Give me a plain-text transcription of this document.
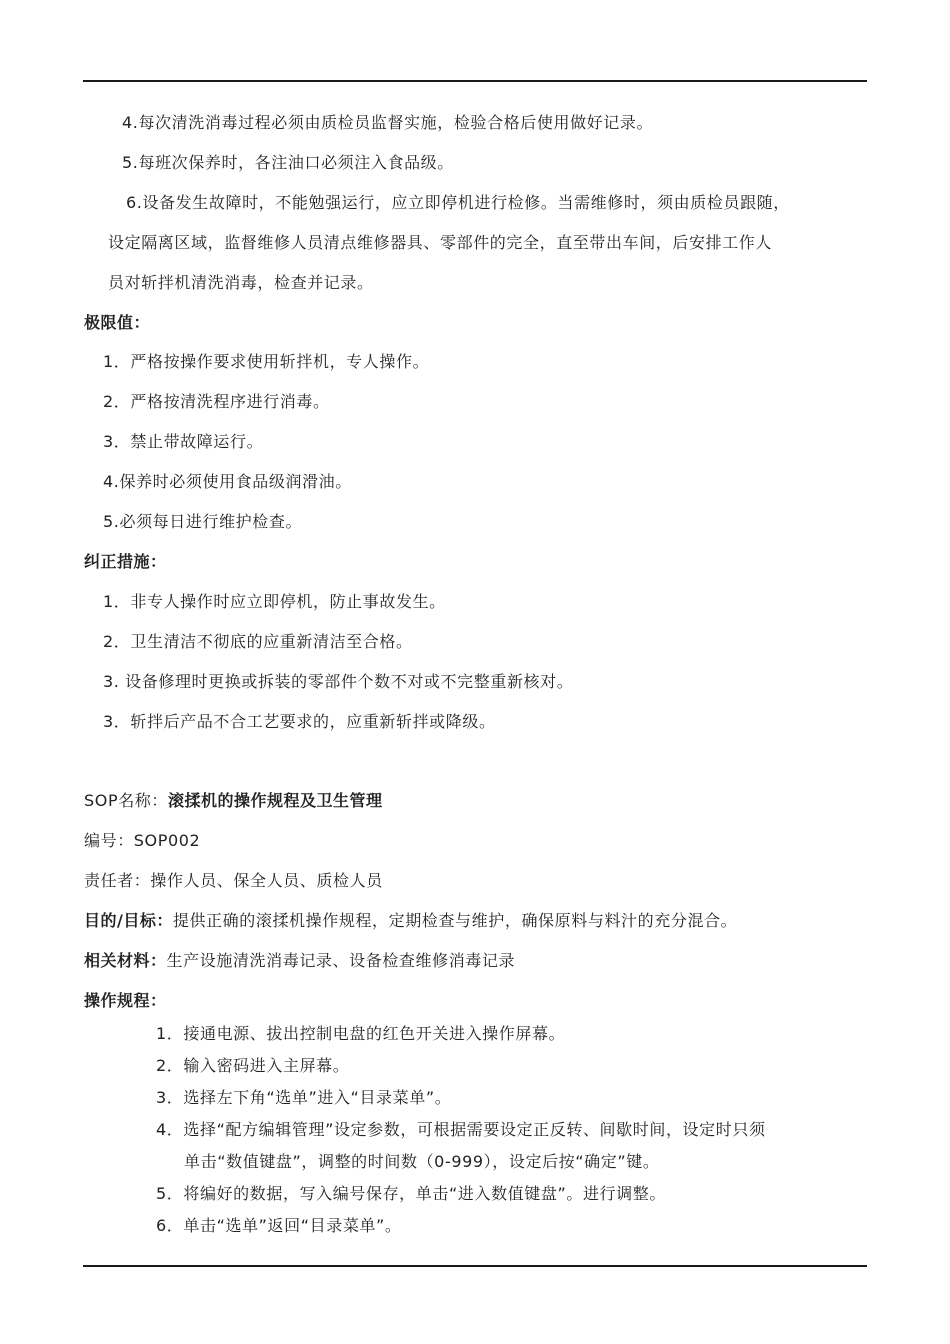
4.每次清洗消毒过程必须由质检员监督实施，检验合格后使用做好记录。
5.每班次保养时，各注油口必须注入食品级。
6.设备发生故障时，不能勉强运行，应立即停机进行检修。当需维修时，须由质检员跟随，
设定隔离区域，监督维修人员清点维修器具、零部件的完全，直至带出车间，后安排工作人
员对斩拌机清洗消毒，检查并记录。
极限值：
1．严格按操作要求使用斩拌机，专人操作。
2．严格按清洗程序进行消毒。
3．禁止带故障运行。
4.保养时必须使用食品级润滑油。
5.必须每日进行维护检查。
纠正措施：
1．非专人操作时应立即停机，防止事故发生。
2．卫生清洁不彻底的应重新清洁至合格。
3. 设备修理时更换或拆装的零部件个数不对或不完整重新核对。
3．斩拌后产品不合工艺要求的，应重新斩拌或降级。
SOP名称：滚揉机的操作规程及卫生管理
编号：SOP002
责任者：操作人员、保全人员、质检人员
目的/目标：提供正确的滚揉机操作规程，定期检查与维护，确保原料与料汁的充分混合。
相关材料：生产设施清洗消毒记录、设备检查维修消毒记录
操作规程：
1．接通电源、拔出控制电盘的红色开关进入操作屏幕。
2．输入密码进入主屏幕。
3．选择左下角“选单”进入“目录菜单”。
4．选择“配方编辑管理”设定参数，可根据需要设定正反转、间歇时间，设定时只须
单击“数值键盘”，调整的时间数（0-999），设定后按“确定”键。
5．将编好的数据，写入编号保存，单击“进入数值键盘”。进行调整。
6．单击“选单”返回“目录菜单”。
